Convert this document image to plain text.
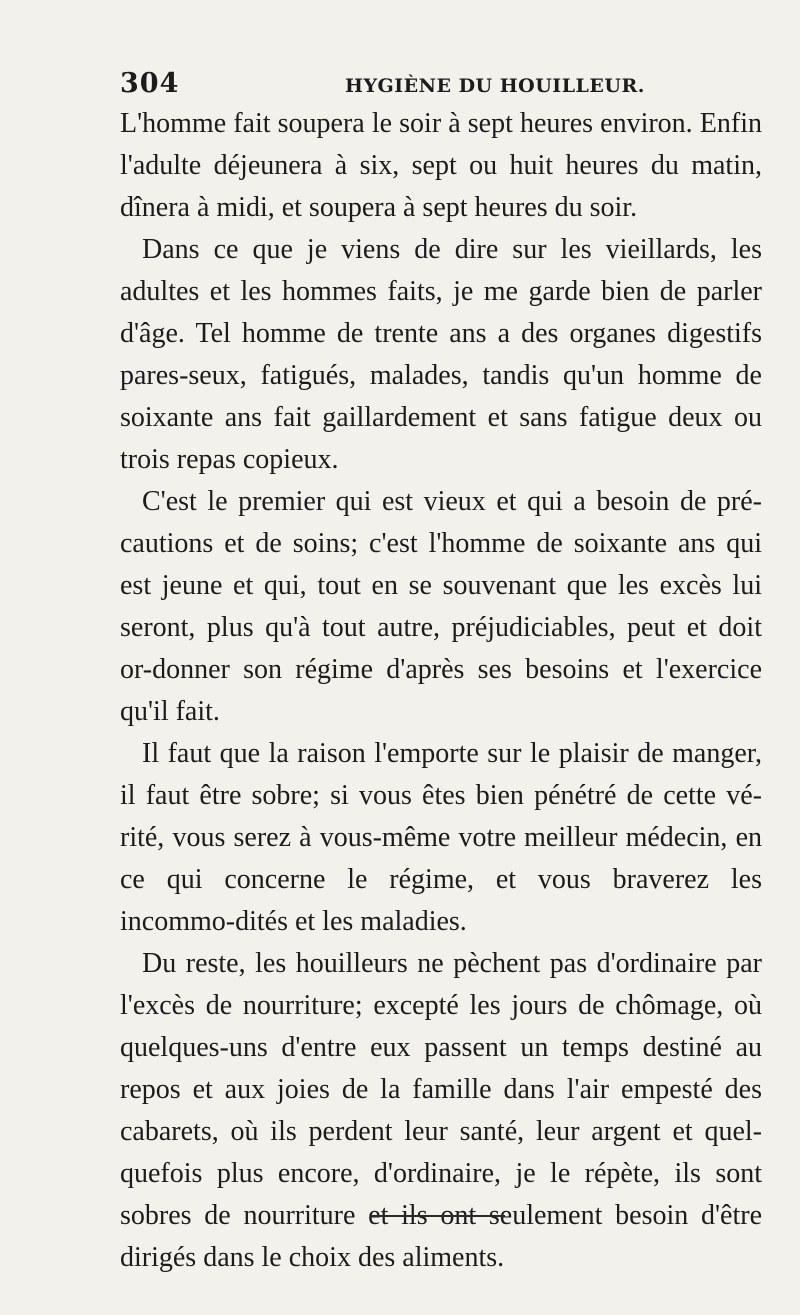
304	HYGIÈNE DU HOUILLEUR.

L'homme fait soupera le soir à sept heures environ. Enfin l'adulte déjeunera à six, sept ou huit heures du matin, dînera à midi, et soupera à sept heures du soir.

Dans ce que je viens de dire sur les vieillards, les adultes et les hommes faits, je me garde bien de parler d'âge. Tel homme de trente ans a des organes digestifs pares-seux, fatigués, malades, tandis qu'un homme de soixante ans fait gaillardement et sans fatigue deux ou trois repas copieux.

C'est le premier qui est vieux et qui a besoin de pré-cautions et de soins; c'est l'homme de soixante ans qui est jeune et qui, tout en se souvenant que les excès lui seront, plus qu'à tout autre, préjudiciables, peut et doit or-donner son régime d'après ses besoins et l'exercice qu'il fait.

Il faut que la raison l'emporte sur le plaisir de manger, il faut être sobre; si vous êtes bien pénétré de cette vé-rité, vous serez à vous-même votre meilleur médecin, en ce qui concerne le régime, et vous braverez les incommo-dités et les maladies.

Du reste, les houilleurs ne pèchent pas d'ordinaire par l'excès de nourriture; excepté les jours de chômage, où quelques-uns d'entre eux passent un temps destiné au repos et aux joies de la famille dans l'air empesté des cabarets, où ils perdent leur santé, leur argent et quel-quefois plus encore, d'ordinaire, je le répète, ils sont sobres de nourriture et ils ont seulement besoin d'être dirigés dans le choix des aliments.
